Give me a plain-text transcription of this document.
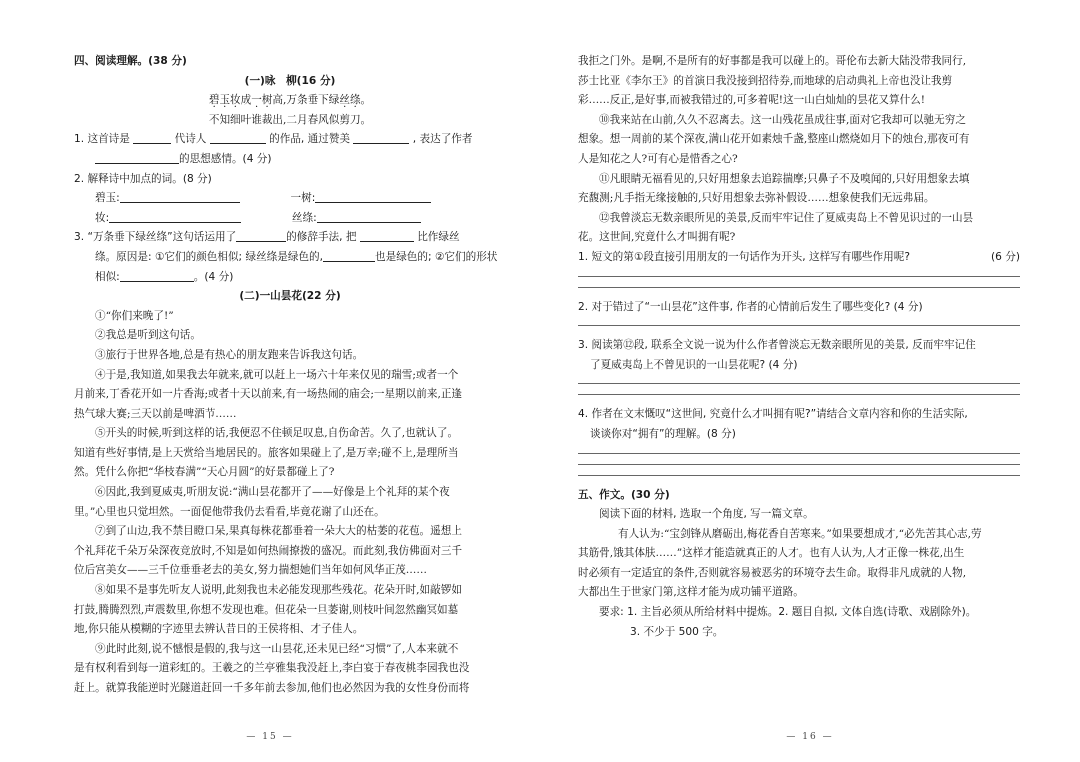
四、阅读理解。(38 分)
(一)咏　柳(16 分)
碧玉妆成一树高,万条垂下绿丝绦。
不知细叶谁裁出,二月春风似剪刀。
1. 这首诗是	代诗人	的作品, 通过赞美	, 表达了作者
的思想感情。(4 分)
2. 解释诗中加点的词。(8 分)
碧玉:	一树:
妆:	丝绦:
3. “万条垂下绿丝绦”这句话运用了	的修辞手法, 把	比作绿丝
绦。原因是: ①它们的颜色相似; 绿丝绦是绿色的,	也是绿色的; ②它们的形状
相似:	。(4 分)
(二)一山昙花(22 分)
①“你们来晚了!”
②我总是听到这句话。
③旅行于世界各地,总是有热心的朋友跑来告诉我这句话。
④于是,我知道,如果我去年就来,就可以赶上一场六十年来仅见的瑞雪;或者一个
月前来,丁香花开如一片香海;或者十天以前来,有一场热闹的庙会;一星期以前来,正逢
热气球大赛;三天以前是啤酒节……
⑤开头的时候,听到这样的话,我便忍不住顿足叹息,自伤命苦。久了,也就认了。
知道有些好事情,是上天赏给当地居民的。旅客如果碰上了,是万幸;碰不上,是理所当
然。凭什么你把“华枝春满”“天心月圆”的好景都碰上了?
⑥因此,我到夏威夷,听朋友说:“满山昙花都开了——好像是上个礼拜的某个夜
里。”心里也只觉坦然。一面促他带我仍去看看,毕竟花谢了山还在。
⑦到了山边,我不禁目瞪口呆,果真每株花都垂着一朵大大的枯萎的花苞。遥想上
个礼拜花千朵万朵深夜竞放时,不知是如何热闹撩拨的盛况。而此刻,我仿佛面对三千
位后宫美女——三千位垂垂老去的美女,努力揣想她们当年如何风华正茂……
⑧如果不是事先听友人说明,此刻我也未必能发现那些残花。花朵开时,如敲锣如
打鼓,腾腾烈烈,声震数里,你想不发现也难。但花朵一旦萎谢,则枝叶间忽然幽冥如墓
地,你只能从模糊的字迹里去辨认昔日的王侯将相、才子佳人。
⑨此时此刻,说不憾恨是假的,我与这一山昙花,还未见已经“习惯”了,人本来就不
是有权利看到每一道彩虹的。王羲之的兰亭雅集我没赶上,李白宴于春夜桃李园我也没
赶上。就算我能逆时光隧道赶回一千多年前去参加,他们也必然因为我的女性身份而将
— 15 —
我拒之门外。是啊,不是所有的好事都是我可以碰上的。哥伦布去新大陆没带我同行,
莎士比亚《李尔王》的首演日我没接到招待券,而地球的启动典礼上帝也没让我剪
彩……反正,是好事,而被我错过的,可多着呢!这一山白灿灿的昙花又算什么!
⑩我来站在山前,久久不忍离去。这一山残花虽成往事,面对它我却可以驰无穷之
想象。想一周前的某个深夜,满山花开如素烛千盏,整座山燃烧如月下的烛台,那夜可有
人是知花之人?可有心是惜香之心?
⑪凡眼睛无福看见的,只好用想象去追踪揣摩;只鼻子不及嗅闻的,只好用想象去填
充馥测;凡手指无缘接触的,只好用想象去弥补假设……想象使我们无远弗届。
⑫我曾淡忘无数亲眼所见的美景,反而牢牢记住了夏威夷岛上不曾见识过的一山昙
花。这世间,究竟什么才叫拥有呢?
1. 短文的第①段直接引用朋友的一句话作为开头, 这样写有哪些作用呢?	(6 分)
2. 对于错过了“一山昙花”这件事, 作者的心情前后发生了哪些变化? (4 分)
3. 阅读第⑫段, 联系全文说一说为什么作者曾淡忘无数亲眼所见的美景, 反而牢牢记住
了夏威夷岛上不曾见识的一山昙花呢? (4 分)
4. 作者在文末慨叹“这世间, 究竟什么才叫拥有呢?”请结合文章内容和你的生活实际,
谈谈你对“拥有”的理解。(8 分)
五、作文。(30 分)
阅读下面的材料, 选取一个角度, 写一篇文章。
有人认为:“宝剑锋从磨砺出,梅花香自苦寒来。”如果要想成才,“必先苦其心志,劳
其筋骨,饿其体肤……”这样才能造就真正的人才。也有人认为,人才正像一株花,出生
时必须有一定适宜的条件,否则就容易被恶劣的环境夺去生命。取得非凡成就的人物,
大都出生于世家门第,这样才能为成功铺平道路。
要求: 1. 主旨必须从所给材料中提炼。2. 题目自拟, 文体自选(诗歌、戏剧除外)。
3. 不少于 500 字。
— 16 —
